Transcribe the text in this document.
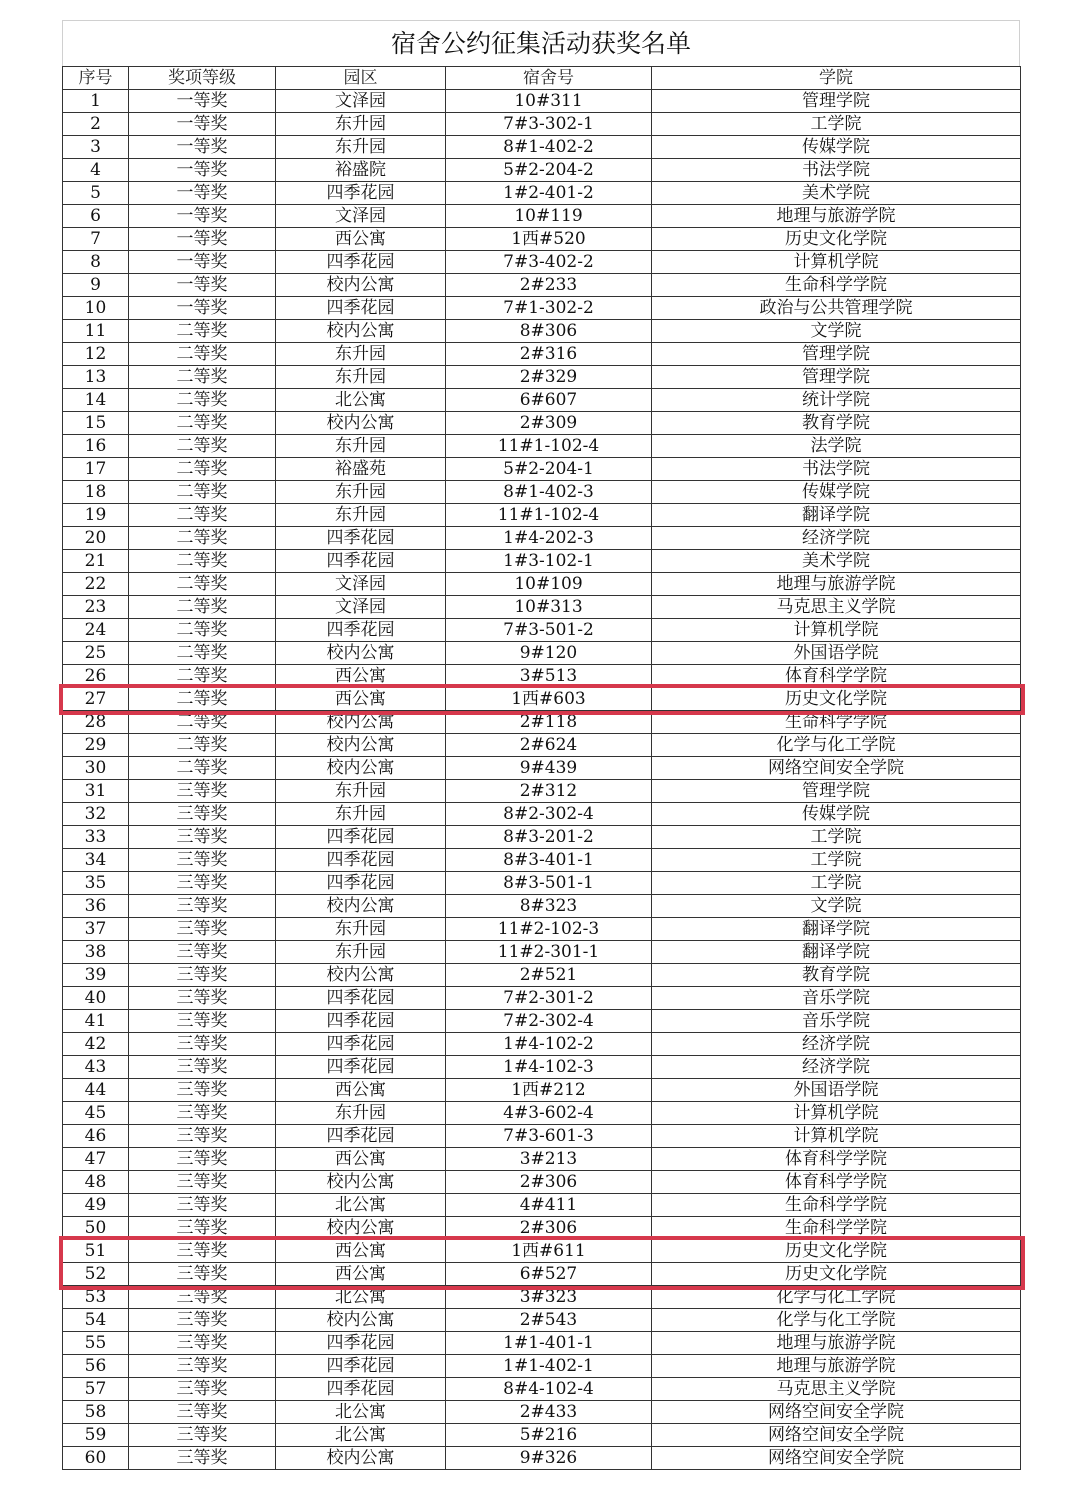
宿舍公约征集活动获奖名单
序号	奖项等级	园区	宿舍号	学院
1	一等奖	文泽园	10#311	管理学院
2	一等奖	东升园	7#3-302-1	工学院
3	一等奖	东升园	8#1-402-2	传媒学院
4	一等奖	裕盛院	5#2-204-2	书法学院
5	一等奖	四季花园	1#2-401-2	美术学院
6	一等奖	文泽园	10#119	地理与旅游学院
7	一等奖	西公寓	1西#520	历史文化学院
8	一等奖	四季花园	7#3-402-2	计算机学院
9	一等奖	校内公寓	2#233	生命科学学院
10	一等奖	四季花园	7#1-302-2	政治与公共管理学院
11	二等奖	校内公寓	8#306	文学院
12	二等奖	东升园	2#316	管理学院
13	二等奖	东升园	2#329	管理学院
14	二等奖	北公寓	6#607	统计学院
15	二等奖	校内公寓	2#309	教育学院
16	二等奖	东升园	11#1-102-4	法学院
17	二等奖	裕盛苑	5#2-204-1	书法学院
18	二等奖	东升园	8#1-402-3	传媒学院
19	二等奖	东升园	11#1-102-4	翻译学院
20	二等奖	四季花园	1#4-202-3	经济学院
21	二等奖	四季花园	1#3-102-1	美术学院
22	二等奖	文泽园	10#109	地理与旅游学院
23	二等奖	文泽园	10#313	马克思主义学院
24	二等奖	四季花园	7#3-501-2	计算机学院
25	二等奖	校内公寓	9#120	外国语学院
26	二等奖	西公寓	3#513	体育科学学院
27	二等奖	西公寓	1西#603	历史文化学院
28	二等奖	校内公寓	2#118	生命科学学院
29	二等奖	校内公寓	2#624	化学与化工学院
30	二等奖	校内公寓	9#439	网络空间安全学院
31	三等奖	东升园	2#312	管理学院
32	三等奖	东升园	8#2-302-4	传媒学院
33	三等奖	四季花园	8#3-201-2	工学院
34	三等奖	四季花园	8#3-401-1	工学院
35	三等奖	四季花园	8#3-501-1	工学院
36	三等奖	校内公寓	8#323	文学院
37	三等奖	东升园	11#2-102-3	翻译学院
38	三等奖	东升园	11#2-301-1	翻译学院
39	三等奖	校内公寓	2#521	教育学院
40	三等奖	四季花园	7#2-301-2	音乐学院
41	三等奖	四季花园	7#2-302-4	音乐学院
42	三等奖	四季花园	1#4-102-2	经济学院
43	三等奖	四季花园	1#4-102-3	经济学院
44	三等奖	西公寓	1西#212	外国语学院
45	三等奖	东升园	4#3-602-4	计算机学院
46	三等奖	四季花园	7#3-601-3	计算机学院
47	三等奖	西公寓	3#213	体育科学学院
48	三等奖	校内公寓	2#306	体育科学学院
49	三等奖	北公寓	4#411	生命科学学院
50	三等奖	校内公寓	2#306	生命科学学院
51	三等奖	西公寓	1西#611	历史文化学院
52	三等奖	西公寓	6#527	历史文化学院
53	三等奖	北公寓	3#323	化学与化工学院
54	三等奖	校内公寓	2#543	化学与化工学院
55	三等奖	四季花园	1#1-401-1	地理与旅游学院
56	三等奖	四季花园	1#1-402-1	地理与旅游学院
57	三等奖	四季花园	8#4-102-4	马克思主义学院
58	三等奖	北公寓	2#433	网络空间安全学院
59	三等奖	北公寓	5#216	网络空间安全学院
60	三等奖	校内公寓	9#326	网络空间安全学院
